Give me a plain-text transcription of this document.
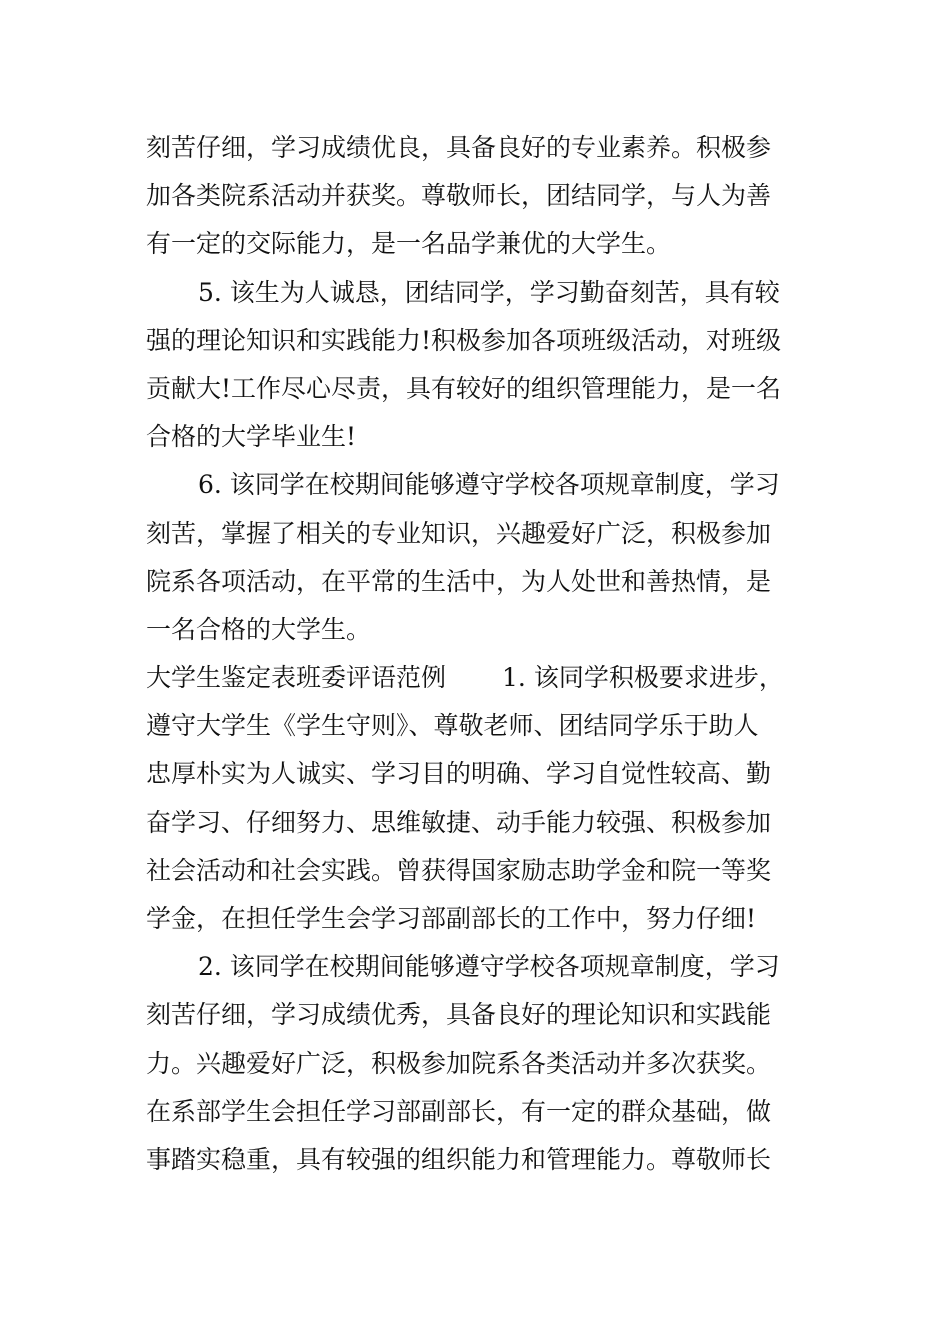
刻苦仔细，学习成绩优良，具备良好的专业素养。积极参
加各类院系活动并获奖。尊敬师长，团结同学，与人为善
有一定的交际能力，是一名品学兼优的大学生。
5. 该生为人诚恳，团结同学，学习勤奋刻苦，具有较
强的理论知识和实践能力!积极参加各项班级活动，对班级
贡献大!工作尽心尽责，具有较好的组织管理能力，是一名
合格的大学毕业生!
6. 该同学在校期间能够遵守学校各项规章制度，学习
刻苦，掌握了相关的专业知识，兴趣爱好广泛，积极参加
院系各项活动，在平常的生活中，为人处世和善热情，是
一名合格的大学生。
大学生鉴定表班委评语范例 1. 该同学积极要求进步，
遵守大学生《学生守则》、尊敬老师、团结同学乐于助人
忠厚朴实为人诚实、学习目的明确、学习自觉性较高、勤
奋学习、仔细努力、思维敏捷、动手能力较强、积极参加
社会活动和社会实践。曾获得国家励志助学金和院一等奖
学金，在担任学生会学习部副部长的工作中，努力仔细!
2. 该同学在校期间能够遵守学校各项规章制度，学习
刻苦仔细，学习成绩优秀，具备良好的理论知识和实践能
力。兴趣爱好广泛，积极参加院系各类活动并多次获奖。
在系部学生会担任学习部副部长，有一定的群众基础，做
事踏实稳重，具有较强的组织能力和管理能力。尊敬师长
